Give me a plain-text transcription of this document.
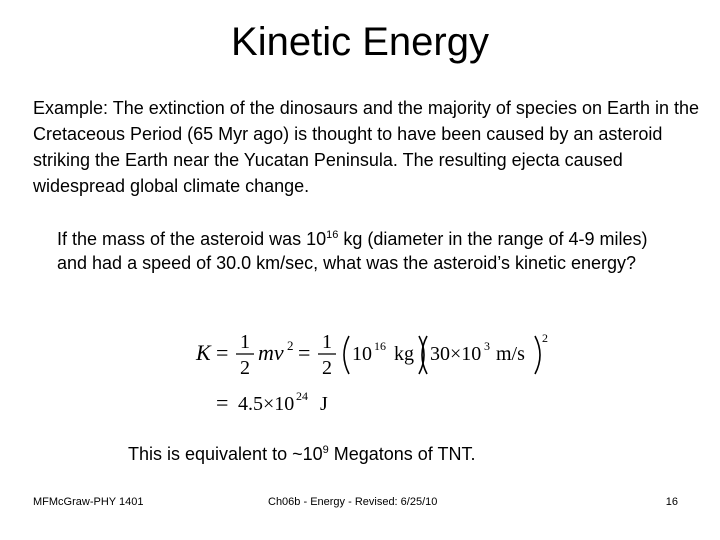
Kinetic Energy
Example: The extinction of the dinosaurs and the majority of species on Earth in the Cretaceous Period (65 Myr ago) is thought to have been caused by an asteroid striking the Earth near the Yucatan Peninsula. The resulting ejecta caused widespread global climate change.
If the mass of the asteroid was $10^{16}$ kg (diameter in the range of 4-9 miles) and had a speed of 30.0 km/sec, what was the asteroid’s kinetic energy?
K = 1
2
mv 2 = 1
2
10 16 kg 30×10 3 m/s
2
= 4.5×10 24 J
This is equivalent to $\sim 10^9$ Megatons of TNT.
MFMcGraw-PHY 1401	Ch06b - Energy - Revised: 6/25/10	16
